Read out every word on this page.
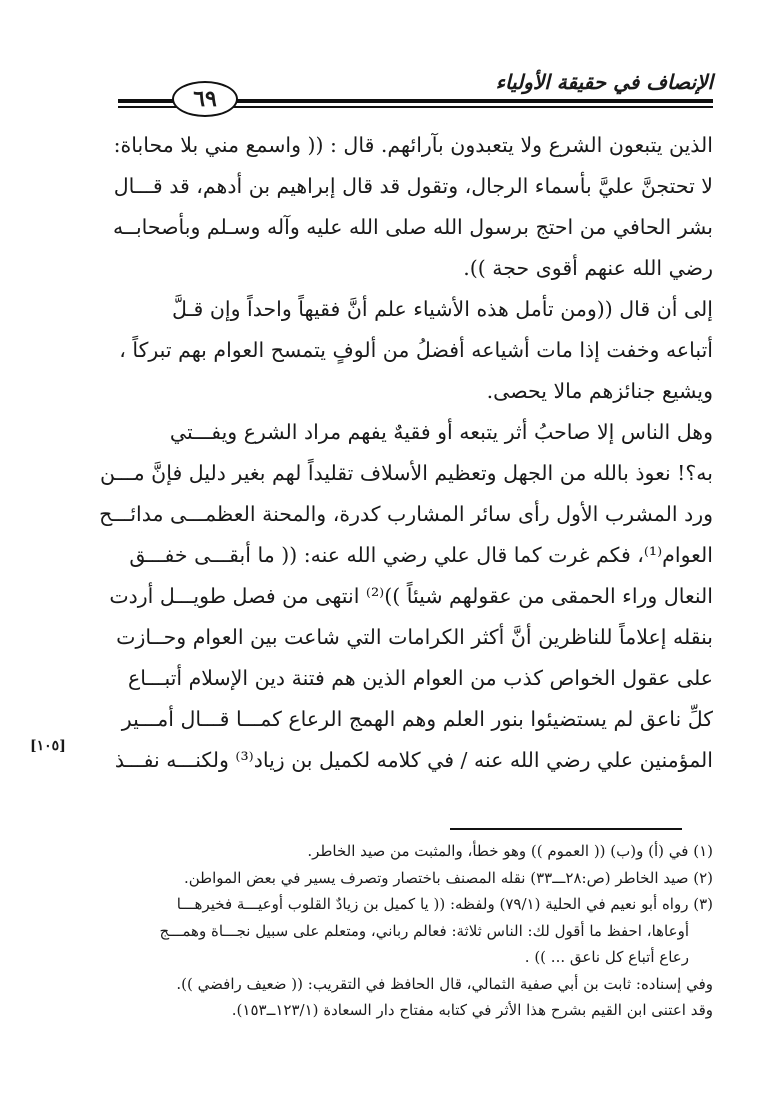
الإنصاف في حقيقة الأولياء
٦٩
الذين يتبعون الشرع ولا يتعبدون بآرائهم. قال : (( واسمع مني بلا محاباة:
لا تحتجنَّ عليَّ بأسماء الرجال، وتقول قد قال إبراهيم بن أدهم، قد قـــال
بشر الحافي من احتج برسول الله صلى الله عليه وآله وسـلم وبأصحابــه
رضي الله عنهم أقوى حجة )).
إلى أن قال ((ومن تأمل هذه الأشياء علم أنَّ فقيهاً واحداً وإن قـلَّ
أتباعه وخفت إذا مات أشياعه أفضلُ من ألوفٍ يتمسح العوام بهم تبركاً ،
ويشيع جنائزهم مالا يحصى.
وهل الناس إلا صاحبُ أثر يتبعه أو فقيهٌ يفهم مراد الشرع ويفـــتي
به؟! نعوذ بالله من الجهل وتعظيم الأسلاف تقليداً لهم بغير دليل فإنَّ مـــن
ورد المشرب الأول رأى سائر المشارب كدرة، والمحنة العظمـــى مدائـــح
العوام⁽¹⁾، فكم غرت كما قال علي رضي الله عنه: (( ما أبقـــى خفـــق
النعال وراء الحمقى من عقولهم شيئاً ))⁽²⁾ انتهى من فصل طويـــل أردت
بنقله إعلاماً للناظرين أنَّ أكثر الكرامات التي شاعت بين العوام وحــازت
على عقول الخواص كذب من العوام الذين هم فتنة دين الإسلام أتبـــاع
كلِّ ناعق لم يستضيئوا بنور العلم وهم الهمج الرعاع كمـــا قـــال أمـــير
المؤمنين علي رضي الله عنه / في كلامه لكميل بن زياد⁽³⁾ ولكنـــه نفـــذ
[١٠٥]
(١) في (أ) و(ب) (( العموم )) وهو خطأ، والمثبت من صيد الخاطر.
(٢) صيد الخاطر (ص:٢٨ـــ٣٣) نقله المصنف باختصار وتصرف يسير في بعض المواطن.
(٣) رواه أبو نعيم في الحلية (٧٩/١) ولفظه: (( يا كميل بن زيادٌ القلوب أوعيـــة فخيرهـــا
أوعاها، احفظ ما أقول لك: الناس ثلاثة: فعالم رباني، ومتعلم على سبيل نجـــاة وهمـــج
رعاع أتباع كل ناعق ... )) .
وفي إسناده: ثابت بن أبي صفية الثمالي، قال الحافظ في التقريب: (( ضعيف رافضي )).
وقد اعتنى ابن القيم بشرح هذا الأثر في كتابه مفتاح دار السعادة (١٢٣/١ــ١٥٣).
